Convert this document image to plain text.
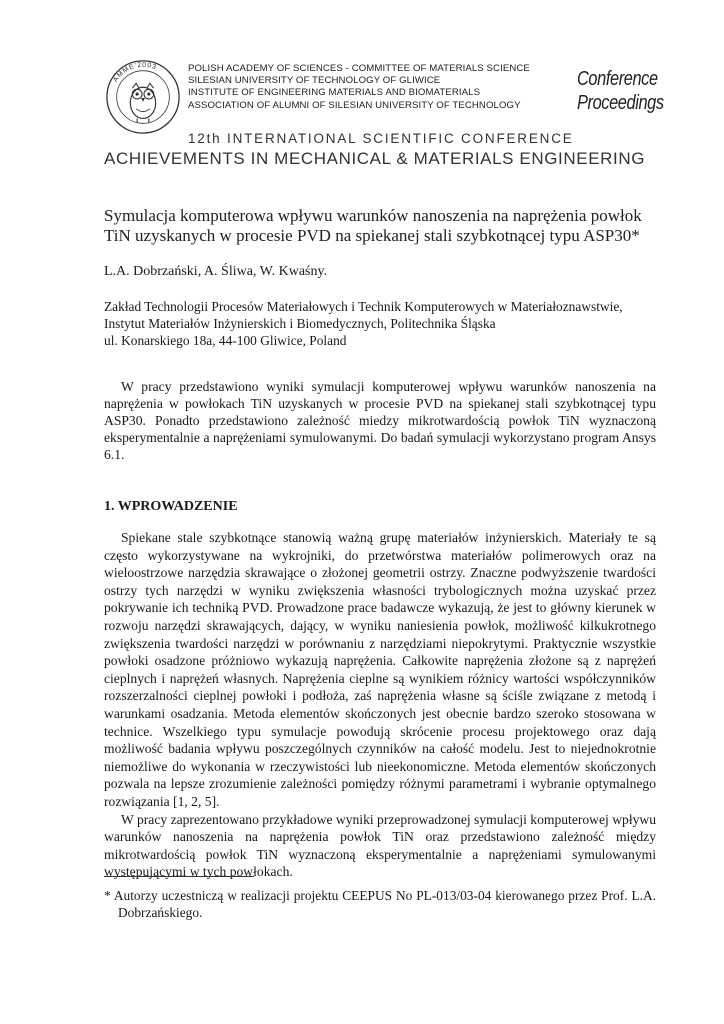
AMME'2003	POLISH ACADEMY OF SCIENCES - COMMITTEE OF MATERIALS SCIENCE
SILESIAN UNIVERSITY OF TECHNOLOGY OF GLIWICE
INSTITUTE OF ENGINEERING MATERIALS AND BIOMATERIALS
ASSOCIATION OF ALUMNI OF SILESIAN UNIVERSITY OF TECHNOLOGY
Conference
Proceedings
12th INTERNATIONAL SCIENTIFIC CONFERENCE
ACHIEVEMENTS IN MECHANICAL & MATERIALS ENGINEERING
Symulacja komputerowa wpływu warunków nanoszenia na naprężenia powłok TiN uzyskanych w procesie PVD na spiekanej stali szybkotnącej typu ASP30*
L.A. Dobrzański, A. Śliwa, W. Kwaśny.
Zakład Technologii Procesów Materiałowych i Technik Komputerowych w Materiałoznawstwie,
Instytut Materiałów Inżynierskich i Biomedycznych, Politechnika Śląska
ul. Konarskiego 18a, 44-100 Gliwice, Poland

W pracy przedstawiono wyniki symulacji komputerowej wpływu warunków nanoszenia na naprężenia w powłokach TiN uzyskanych w procesie PVD na spiekanej stali szybkotnącej typu ASP30. Ponadto przedstawiono zależność miedzy mikrotwardością powłok TiN wyznaczoną eksperymentalnie a naprężeniami symulowanymi. Do badań symulacji wykorzystano program Ansys 6.1.

1. WPROWADZENIE

Spiekane stale szybkotnące stanowią ważną grupę materiałów inżynierskich. Materiały te są często wykorzystywane na wykrojniki, do przetwórstwa materiałów polimerowych oraz na wieloostrzowe narzędzia skrawające o złożonej geometrii ostrzy. Znaczne podwyższenie twardości ostrzy tych narzędzi w wyniku zwiększenia własności trybologicznych można uzyskać przez pokrywanie ich techniką PVD. Prowadzone prace badawcze wykazują, że jest to główny kierunek w rozwoju narzędzi skrawających, dający, w wyniku naniesienia powłok, możliwość kilkukrotnego zwiększenia twardości narzędzi w porównaniu z narzędziami niepokrytymi. Praktycznie wszystkie powłoki osadzone próżniowo wykazują naprężenia. Całkowite naprężenia złożone są z naprężeń cieplnych i naprężeń własnych. Naprężenia cieplne są wynikiem różnicy wartości współczynników rozszerzalności cieplnej powłoki i podłoża, zaś naprężenia własne są ściśle związane z metodą i warunkami osadzania. Metoda elementów skończonych jest obecnie bardzo szeroko stosowana w technice. Wszelkiego typu symulacje powodują skrócenie procesu projektowego oraz dają możliwość badania wpływu poszczególnych czynników na całość modelu. Jest to niejednokrotnie niemożliwe do wykonania w rzeczywistości lub nieekonomiczne. Metoda elementów skończonych pozwala na lepsze zrozumienie zależności pomiędzy różnymi parametrami i wybranie optymalnego rozwiązania [1, 2, 5].

W pracy zaprezentowano przykładowe wyniki przeprowadzonej symulacji komputerowej wpływu warunków nanoszenia na naprężenia powłok TiN oraz przedstawiono zależność między mikrotwardością powłok TiN wyznaczoną eksperymentalnie a naprężeniami symulowanymi występującymi w tych powłokach.

* Autorzy uczestniczą w realizacji projektu CEEPUS No PL-013/03-04 kierowanego przez Prof. L.A. Dobrzańskiego.
